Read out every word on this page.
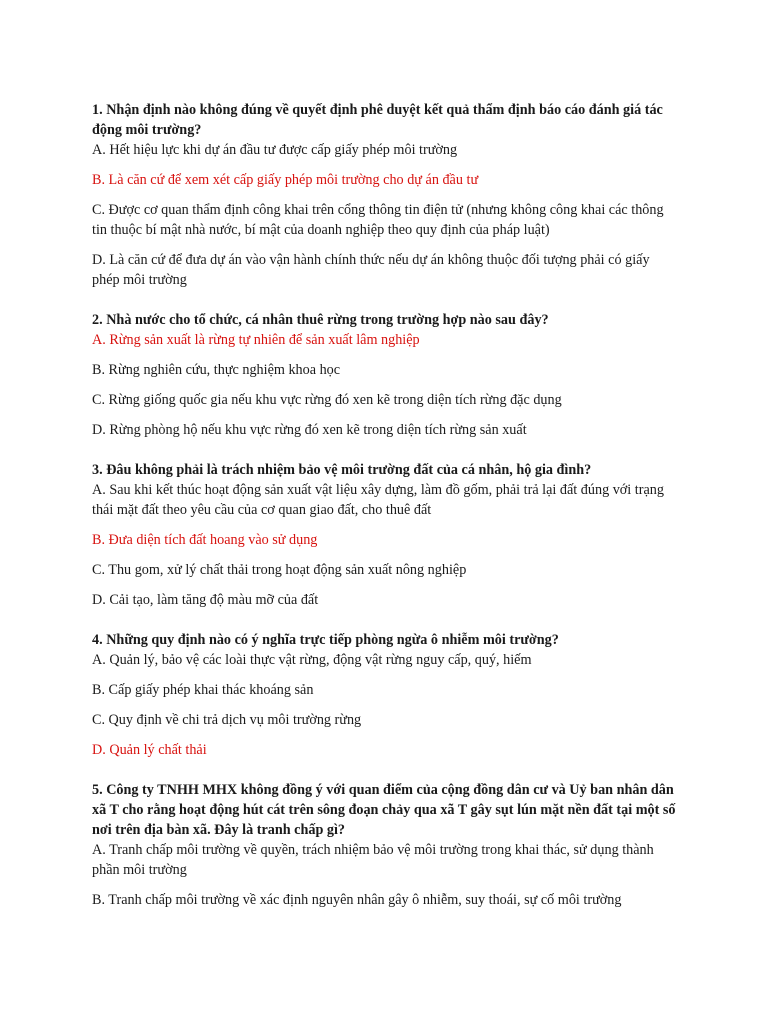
1. Nhận định nào không đúng về quyết định phê duyệt kết quả thẩm định báo cáo đánh giá tác động môi trường?

A. Hết hiệu lực khi dự án đầu tư được cấp giấy phép môi trường

B. Là căn cứ để xem xét cấp giấy phép môi trường cho dự án đầu tư

C. Được cơ quan thẩm định công khai trên cổng thông tin điện tử (nhưng không công khai các thông tin thuộc bí mật nhà nước, bí mật của doanh nghiệp theo quy định của pháp luật)

D. Là căn cứ để đưa dự án vào vận hành chính thức nếu dự án không thuộc đối tượng phải có giấy phép môi trường

2. Nhà nước cho tổ chức, cá nhân thuê rừng trong trường hợp nào sau đây?

A. Rừng sản xuất là rừng tự nhiên để sản xuất lâm nghiệp

B. Rừng nghiên cứu, thực nghiệm khoa học

C. Rừng giống quốc gia nếu khu vực rừng đó xen kẽ trong diện tích rừng đặc dụng

D. Rừng phòng hộ nếu khu vực rừng đó xen kẽ trong diện tích rừng sản xuất

3. Đâu không phải là trách nhiệm bảo vệ môi trường đất của cá nhân, hộ gia đình?

A. Sau khi kết thúc hoạt động sản xuất vật liệu xây dựng, làm đồ gốm, phải trả lại đất đúng với trạng thái mặt đất theo yêu cầu của cơ quan giao đất, cho thuê đất

B. Đưa diện tích đất hoang vào sử dụng

C. Thu gom, xử lý chất thải trong hoạt động sản xuất nông nghiệp

D. Cải tạo, làm tăng độ màu mỡ của đất

4. Những quy định nào có ý nghĩa trực tiếp phòng ngừa ô nhiễm môi trường?

A. Quản lý, bảo vệ các loài thực vật rừng, động vật rừng nguy cấp, quý, hiếm

B. Cấp giấy phép khai thác khoáng sản

C. Quy định về chi trả dịch vụ môi trường rừng

D. Quản lý chất thải

5. Công ty TNHH MHX không đồng ý với quan điểm của cộng đồng dân cư và Uỷ ban nhân dân xã T cho rằng hoạt động hút cát trên sông đoạn chảy qua xã T gây sụt lún mặt nền đất tại một số nơi trên địa bàn xã. Đây là tranh chấp gì?

A. Tranh chấp môi trường về quyền, trách nhiệm bảo vệ môi trường trong khai thác, sử dụng thành phần môi trường

B. Tranh chấp môi trường về xác định nguyên nhân gây ô nhiễm, suy thoái, sự cố môi trường
